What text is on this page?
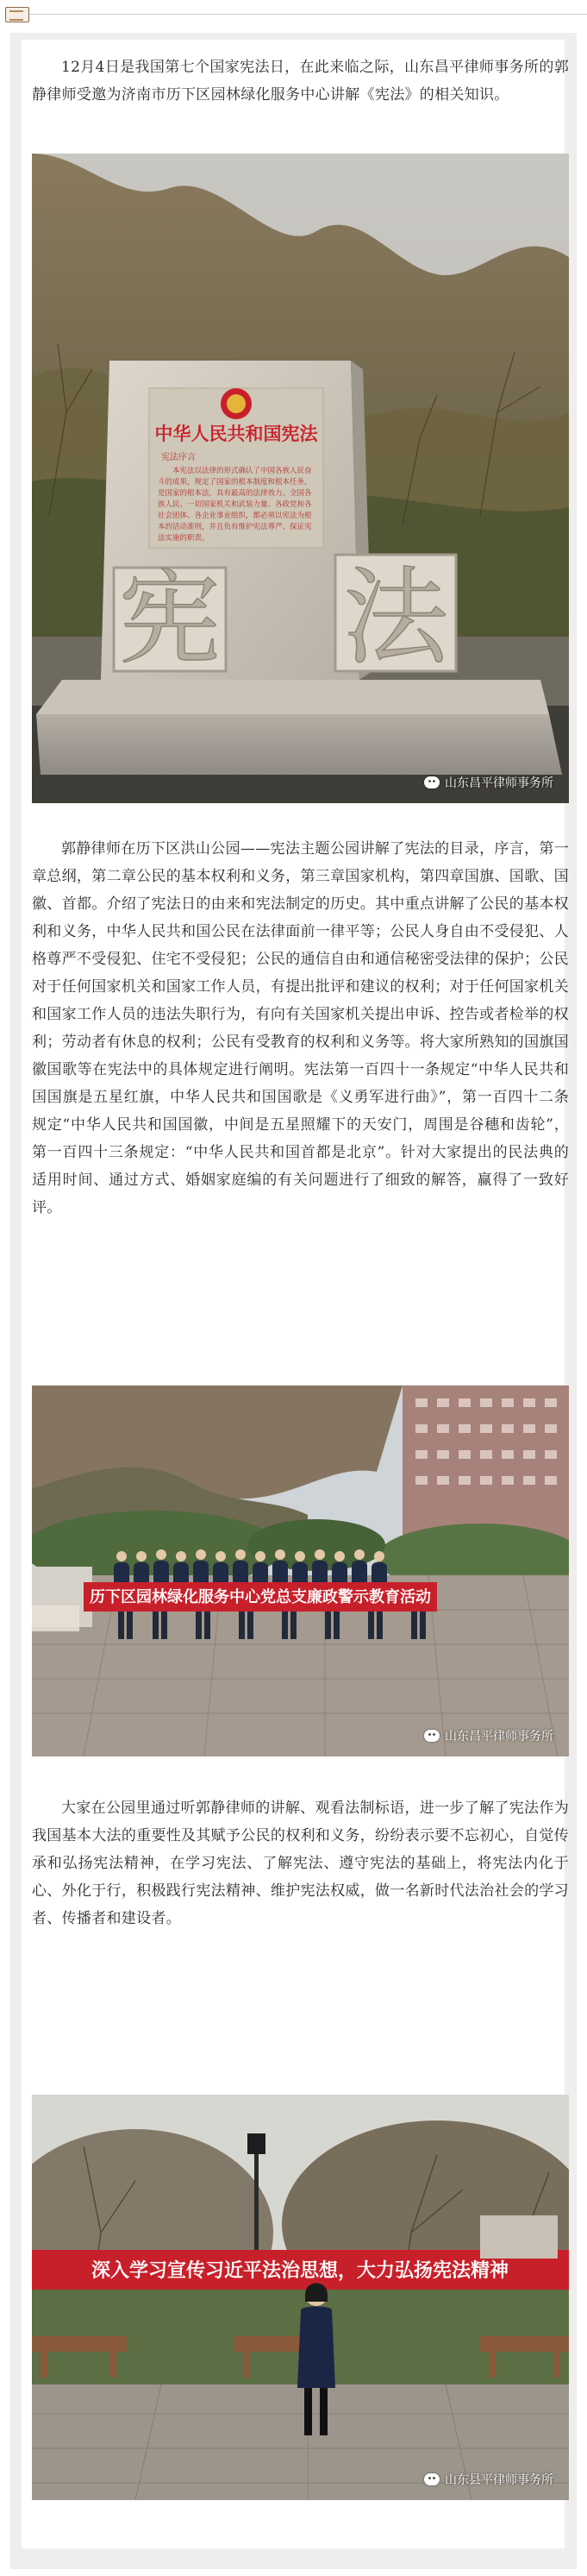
12月4日是我国第七个国家宪法日，在此来临之际，山东昌平律师事务所的郭静律师受邀为济南市历下区园林绿化服务中心讲解《宪法》的相关知识。

中华人民共和国宪法
宪法序言
本宪法以法律的形式确认了中国各族人民奋斗的成果，规定了国家的根本制度和根本任务，是国家的根本法，具有最高的法律效力。全国各族人民、一切国家机关和武装力量、各政党和各社会团体、各企业事业组织，都必须以宪法为根本的活动准则，并且负有维护宪法尊严、保证宪法实施的职责。
宪 法
山东昌平律师事务所

郭静律师在历下区洪山公园——宪法主题公园讲解了宪法的目录，序言，第一章总纲，第二章公民的基本权利和义务，第三章国家机构，第四章国旗、国歌、国徽、首都。介绍了宪法日的由来和宪法制定的历史。其中重点讲解了公民的基本权利和义务，中华人民共和国公民在法律面前一律平等；公民人身自由不受侵犯、人格尊严不受侵犯、住宅不受侵犯；公民的通信自由和通信秘密受法律的保护；公民对于任何国家机关和国家工作人员，有提出批评和建议的权利；对于任何国家机关和国家工作人员的违法失职行为，有向有关国家机关提出申诉、控告或者检举的权利；劳动者有休息的权利；公民有受教育的权利和义务等。将大家所熟知的国旗国徽国歌等在宪法中的具体规定进行阐明。宪法第一百四十一条规定“中华人民共和国国旗是五星红旗，中华人民共和国国歌是《义勇军进行曲》”，第一百四十二条规定“中华人民共和国国徽，中间是五星照耀下的天安门，周围是谷穗和齿轮”，第一百四十三条规定：“中华人民共和国首都是北京”。针对大家提出的民法典的适用时间、通过方式、婚姻家庭编的有关问题进行了细致的解答，赢得了一致好评。

历下区园林绿化服务中心党总支廉政警示教育活动
山东昌平律师事务所

大家在公园里通过听郭静律师的讲解、观看法制标语，进一步了解了宪法作为我国基本大法的重要性及其赋予公民的权利和义务，纷纷表示要不忘初心，自觉传承和弘扬宪法精神，在学习宪法、了解宪法、遵守宪法的基础上，将宪法内化于心、外化于行，积极践行宪法精神、维护宪法权威，做一名新时代法治社会的学习者、传播者和建设者。

深入学习宣传习近平法治思想，大力弘扬宪法精神
山东县平律师事务所
